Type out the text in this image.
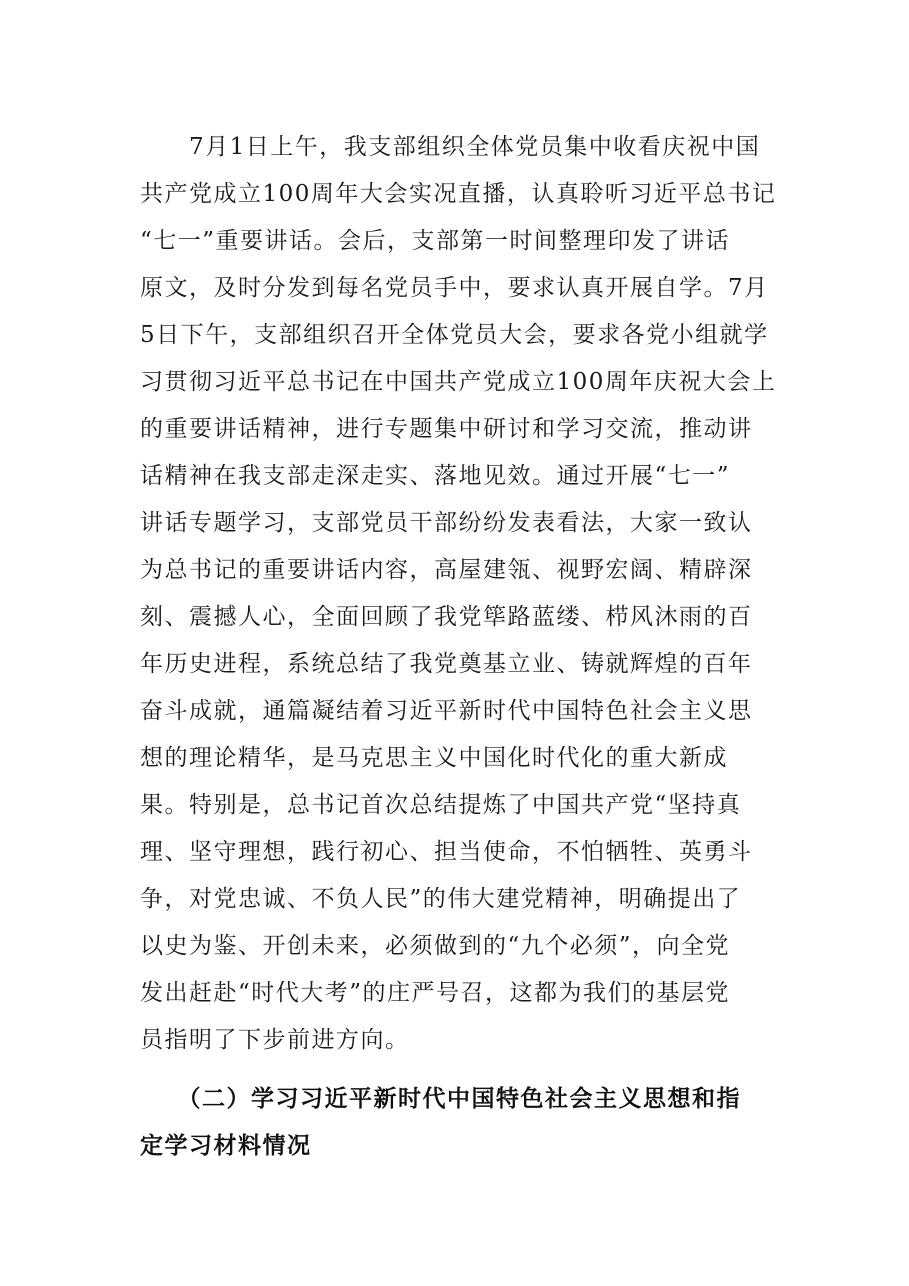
　　7月1日上午，我支部组织全体党员集中收看庆祝中国
共产党成立100周年大会实况直播，认真聆听习近平总书记
“七一”重要讲话。会后，支部第一时间整理印发了讲话
原文，及时分发到每名党员手中，要求认真开展自学。7月
5日下午，支部组织召开全体党员大会，要求各党小组就学
习贯彻习近平总书记在中国共产党成立100周年庆祝大会上
的重要讲话精神，进行专题集中研讨和学习交流，推动讲
话精神在我支部走深走实、落地见效。通过开展“七一”
讲话专题学习，支部党员干部纷纷发表看法，大家一致认
为总书记的重要讲话内容，高屋建瓴、视野宏阔、精辟深
刻、震撼人心，全面回顾了我党筚路蓝缕、栉风沐雨的百
年历史进程，系统总结了我党奠基立业、铸就辉煌的百年
奋斗成就，通篇凝结着习近平新时代中国特色社会主义思
想的理论精华，是马克思主义中国化时代化的重大新成
果。特别是，总书记首次总结提炼了中国共产党“坚持真
理、坚守理想，践行初心、担当使命，不怕牺牲、英勇斗
争，对党忠诚、不负人民”的伟大建党精神，明确提出了
以史为鉴、开创未来，必须做到的“九个必须”，向全党
发出赶赴“时代大考”的庄严号召，这都为我们的基层党
员指明了下步前进方向。
　　（二）学习习近平新时代中国特色社会主义思想和指
定学习材料情况
